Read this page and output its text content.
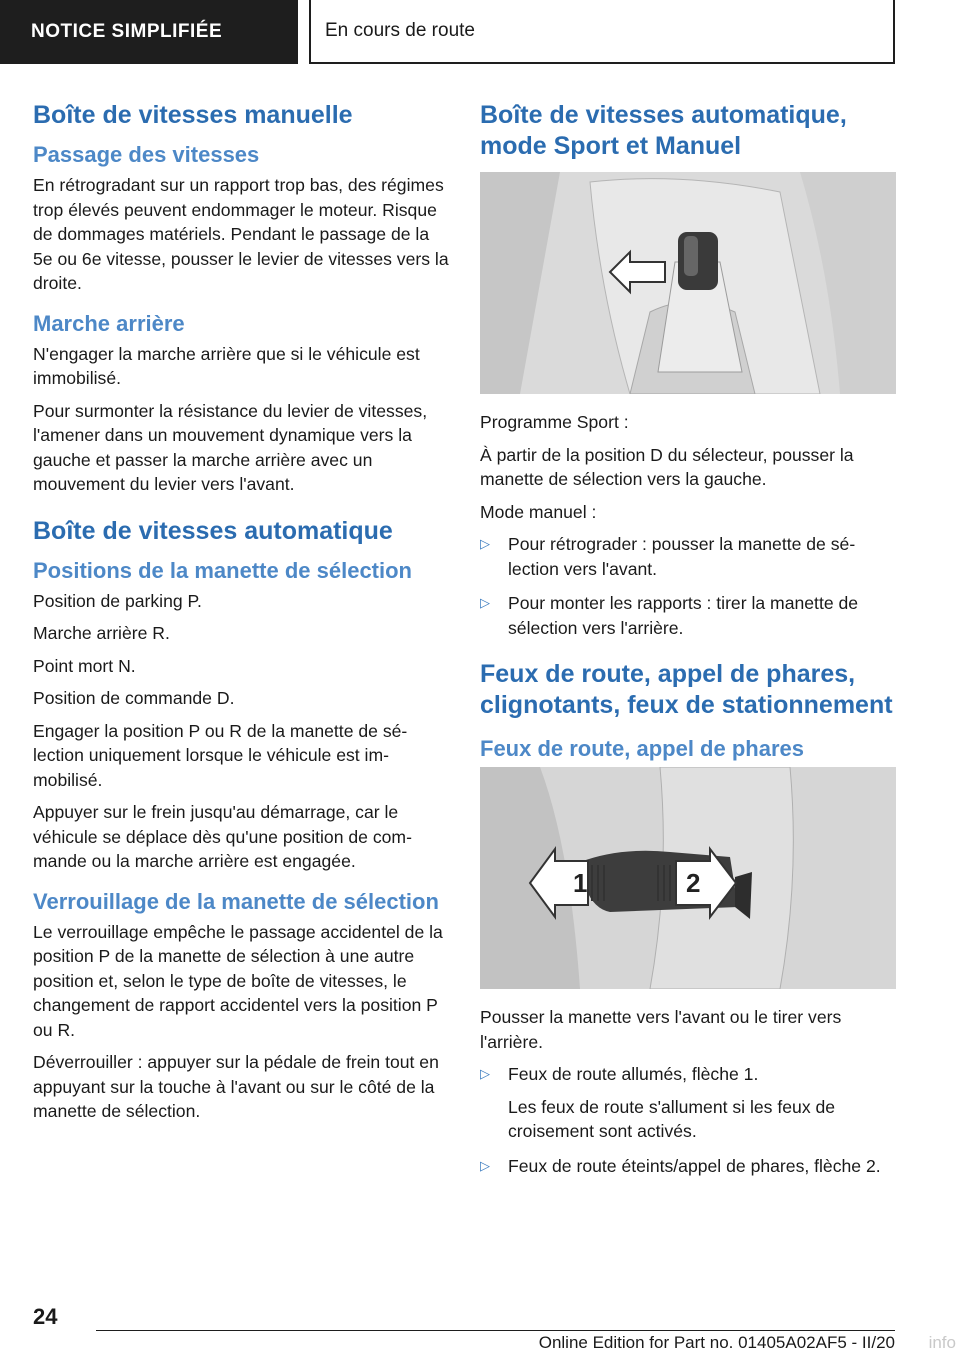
NOTICE SIMPLIFIÉE	En cours de route
Boîte de vitesses manuelle
Passage des vitesses

En rétrogradant sur un rapport trop bas, des régimes trop élevés peuvent endommager le moteur. Risque de dommages matériels. Pendant le passage de la 5e ou 6e vitesse, pousser le levier de vitesses vers la droite.

Marche arrière

N'engager la marche arrière que si le véhicule est immobilisé.

Pour surmonter la résistance du levier de vitesses, l'amener dans un mouvement dynamique vers la gauche et passer la marche arrière avec un mouvement du levier vers l'avant.

Boîte de vitesses automatique
Positions de la manette de sélection

Position de parking P.

Marche arrière R.

Point mort N.

Position de commande D.

Engager la position P ou R de la manette de sélection uniquement lorsque le véhicule est immobilisé.

Appuyer sur le frein jusqu'au démarrage, car le véhicule se déplace dès qu'une position de commande ou la marche arrière est engagée.

Verrouillage de la manette de sélection

Le verrouillage empêche le passage accidentel de la position P de la manette de sélection à une autre position et, selon le type de boîte de vitesses, le changement de rapport accidentel vers la position P ou R.

Déverrouiller : appuyer sur la pédale de frein tout en appuyant sur la touche à l'avant ou sur le côté de la manette de sélection.

Boîte de vitesses automatique, mode Sport et Manuel

Programme Sport :

À partir de la position D du sélecteur, pousser la manette de sélection vers la gauche.

Mode manuel :

▷ Pour rétrograder : pousser la manette de sélection vers l'avant.
▷ Pour monter les rapports : tirer la manette de sélection vers l'arrière.
Feux de route, appel de phares, clignotants, feux de stationnement
Feux de route, appel de phares
1	2

Pousser la manette vers l'avant ou le tirer vers l'arrière.

▷ Feux de route allumés, flèche 1.
Les feux de route s'allument si les feux de croisement sont activés.
▷ Feux de route éteints/appel de phares, flèche 2.
24
Online Edition for Part no. 01405A02AF5 - II/20 info
